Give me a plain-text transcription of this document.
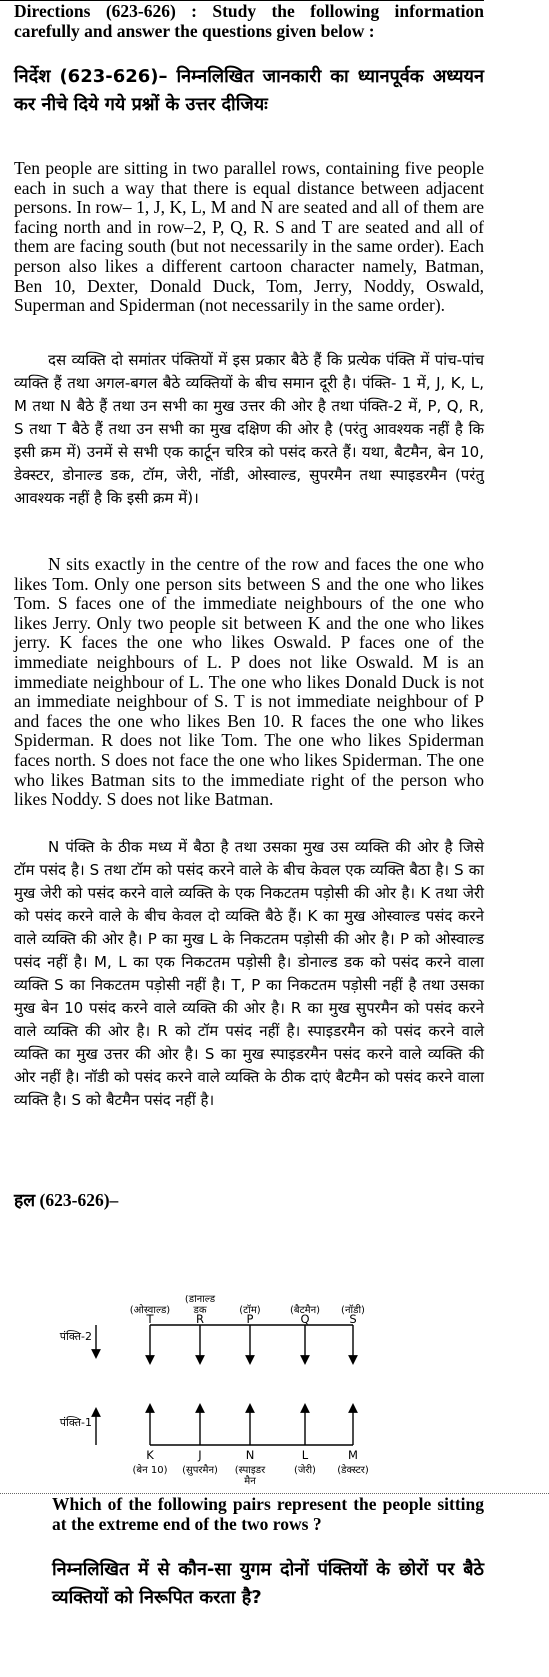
Directions (623-626) : Study the following information carefully and answer the questions given below :
निर्देश (623-626)– निम्नलिखित जानकारी का ध्यानपूर्वक अध्ययन कर नीचे दिये गये प्रश्नों के उत्तर दीजियः
Ten people are sitting in two parallel rows, containing five people each in such a way that there is equal distance between adjacent persons. In row– 1, J, K, L, M and N are seated and all of them are facing north and in row–2, P, Q, R. S and T are seated and all of them are facing south (but not necessarily in the same order). Each person also likes a different cartoon character namely, Batman, Ben 10, Dexter, Donald Duck, Tom, Jerry, Noddy, Oswald, Superman and Spiderman (not necessarily in the same order).
दस व्यक्ति दो समांतर पंक्तियों में इस प्रकार बैठे हैं कि प्रत्येक पंक्ति में पांच-पांच व्यक्ति हैं तथा अगल-बगल बैठे व्यक्तियों के बीच समान दूरी है। पंक्ति- 1 में, J, K, L, M तथा N बैठे हैं तथा उन सभी का मुख उत्तर की ओर है तथा पंक्ति-2 में, P, Q, R, S तथा T बैठे हैं तथा उन सभी का मुख दक्षिण की ओर है (परंतु आवश्यक नहीं है कि इसी क्रम में) उनमें से सभी एक कार्टून चरित्र को पसंद करते हैं। यथा, बैटमैन, बेन 10, डेक्स्टर, डोनाल्ड डक, टॉम, जेरी, नॉडी, ओस्वाल्ड, सुपरमैन तथा स्पाइडरमैन (परंतु आवश्यक नहीं है कि इसी क्रम में)।
N sits exactly in the centre of the row and faces the one who likes Tom. Only one person sits between S and the one who likes Tom. S faces one of the immediate neighbours of the one who likes Jerry. Only two people sit between K and the one who likes jerry. K faces the one who likes Oswald. P faces one of the immediate neighbours of L. P does not like Oswald. M is an immediate neighbour of L. The one who likes Donald Duck is not an immediate neighbour of S. T is not immediate neighbour of P and faces the one who likes Ben 10. R faces the one who likes Spiderman. R does not like Tom. The one who likes Spiderman faces north. S does not face the one who likes Spiderman. The one who likes Batman sits to the immediate right of the person who likes Noddy. S does not like Batman.
N पंक्ति के ठीक मध्य में बैठा है तथा उसका मुख उस व्यक्ति की ओर है जिसे टॉम पसंद है। S तथा टॉम को पसंद करने वाले के बीच केवल एक व्यक्ति बैठा है। S का मुख जेरी को पसंद करने वाले व्यक्ति के एक निकटतम पड़ोसी की ओर है। K तथा जेरी को पसंद करने वाले के बीच केवल दो व्यक्ति बैठे हैं। K का मुख ओस्वाल्ड पसंद करने वाले व्यक्ति की ओर है। P का मुख L के निकटतम पड़ोसी की ओर है। P को ओस्वाल्ड पसंद नहीं है। M, L का एक निकटतम पड़ोसी है। डोनाल्ड डक को पसंद करने वाला व्यक्ति S का निकटतम पड़ोसी नहीं है। T, P का निकटतम पड़ोसी नहीं है तथा उसका मुख बेन 10 पसंद करने वाले व्यक्ति की ओर है। R का मुख सुपरमैन को पसंद करने वाले व्यक्ति की ओर है। R को टॉम पसंद नहीं है। स्पाइडरमैन को पसंद करने वाले व्यक्ति का मुख उत्तर की ओर है। S का मुख स्पाइडरमैन पसंद करने वाले व्यक्ति की ओर नहीं है। नॉडी को पसंद करने वाले व्यक्ति के ठीक दाएं बैटमैन को पसंद करने वाला व्यक्ति है। S को बैटमैन पसंद नहीं है।
हल (623-626)–
पंक्ति-2
(ओस्वाल्ड)
T
(डोनाल्ड
डक
R
(टॉम)
P
(बैटमैन)
Q
(नॉडी)
S
पंक्ति-1
K
(बेन 10)
J
(सुपरमैन)
N
(स्पाइडर
मैन
L
(जेरी)
M
(डेक्स्टर)
Which of the following pairs represent the people sitting at the extreme end of the two rows ?
निम्नलिखित में से कौन-सा युगम दोनों पंक्तियों के छोरों पर बैठे व्यक्तियों को निरूपित करता है?
